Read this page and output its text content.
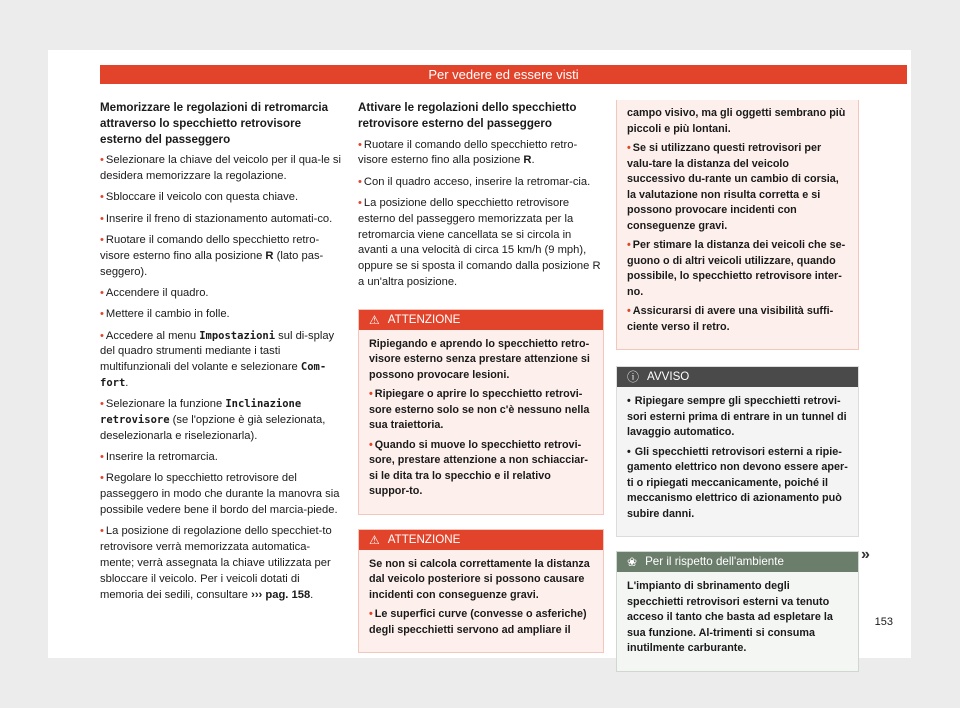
Per vedere ed essere visti
Memorizzare le regolazioni di retromarcia attraverso lo specchietto retrovisore esterno del passeggero
• Selezionare la chiave del veicolo per il qua-le si desidera memorizzare la regolazione.
• Sbloccare il veicolo con questa chiave.
• Inserire il freno di stazionamento automati-co.
• Ruotare il comando dello specchietto retro-visore esterno fino alla posizione R (lato pas-seggero).
• Accendere il quadro.
• Mettere il cambio in folle.
• Accedere al menu Impostazioni sul di-splay del quadro strumenti mediante i tasti multifunzionali del volante e selezionare Com-fort.
• Selezionare la funzione Inclinazione retrovisore (se l'opzione è già selezionata, deselezionarla e riselezionarla).
• Inserire la retromarcia.
• Regolare lo specchietto retrovisore del passeggero in modo che durante la manovra sia possibile vedere bene il bordo del marcia-piede.
• La posizione di regolazione dello specchiet-to retrovisore verrà memorizzata automatica-mente; verrà assegnata la chiave utilizzata per sbloccare il veicolo. Per i veicoli dotati di memoria dei sedili, consultare ››› pag. 158.
Attivare le regolazioni dello specchietto retrovisore esterno del passeggero
• Ruotare il comando dello specchietto retro-visore esterno fino alla posizione R.
• Con il quadro acceso, inserire la retromar-cia.
• La posizione dello specchietto retrovisore esterno del passeggero memorizzata per la retromarcia viene cancellata se si circola in avanti a una velocità di circa 15 km/h (9 mph), oppure se si sposta il comando dalla posizione R a un'altra posizione.
⚠ ATTENZIONE
Ripiegando e aprendo lo specchietto retro-visore esterno senza prestare attenzione si possono provocare lesioni.
• Ripiegare o aprire lo specchietto retrovi-sore esterno solo se non c'è nessuno nella sua traiettoria.
• Quando si muove lo specchietto retrovi-sore, prestare attenzione a non schiacciar-si le dita tra lo specchio e il relativo suppor-to.
⚠ ATTENZIONE
Se non si calcola correttamente la distanza dal veicolo posteriore si possono causare incidenti con conseguenze gravi.
• Le superfici curve (convesse o asferiche) degli specchietti servono ad ampliare il
campo visivo, ma gli oggetti sembrano più piccoli e più lontani.
• Se si utilizzano questi retrovisori per valu-tare la distanza del veicolo successivo du-rante un cambio di corsia, la valutazione non risulta corretta e si possono provocare incidenti con conseguenze gravi.
• Per stimare la distanza dei veicoli che se-guono o di altri veicoli utilizzare, quando possibile, lo specchietto retrovisore inter-no.
• Assicurarsi di avere una visibilità suffi-ciente verso il retro.
ⓘ AVVISO
• Ripiegare sempre gli specchietti retrovi-sori esterni prima di entrare in un tunnel di lavaggio automatico.
• Gli specchietti retrovisori esterni a ripie-gamento elettrico non devono essere aper-ti o ripiegati meccanicamente, poiché il meccanismo elettrico di azionamento può subire danni.
❀ Per il rispetto dell'ambiente
L'impianto di sbrinamento degli specchietti retrovisori esterni va tenuto acceso il tanto che basta ad espletare la sua funzione. Al-trimenti si consuma inutilmente carburante.
»
153
